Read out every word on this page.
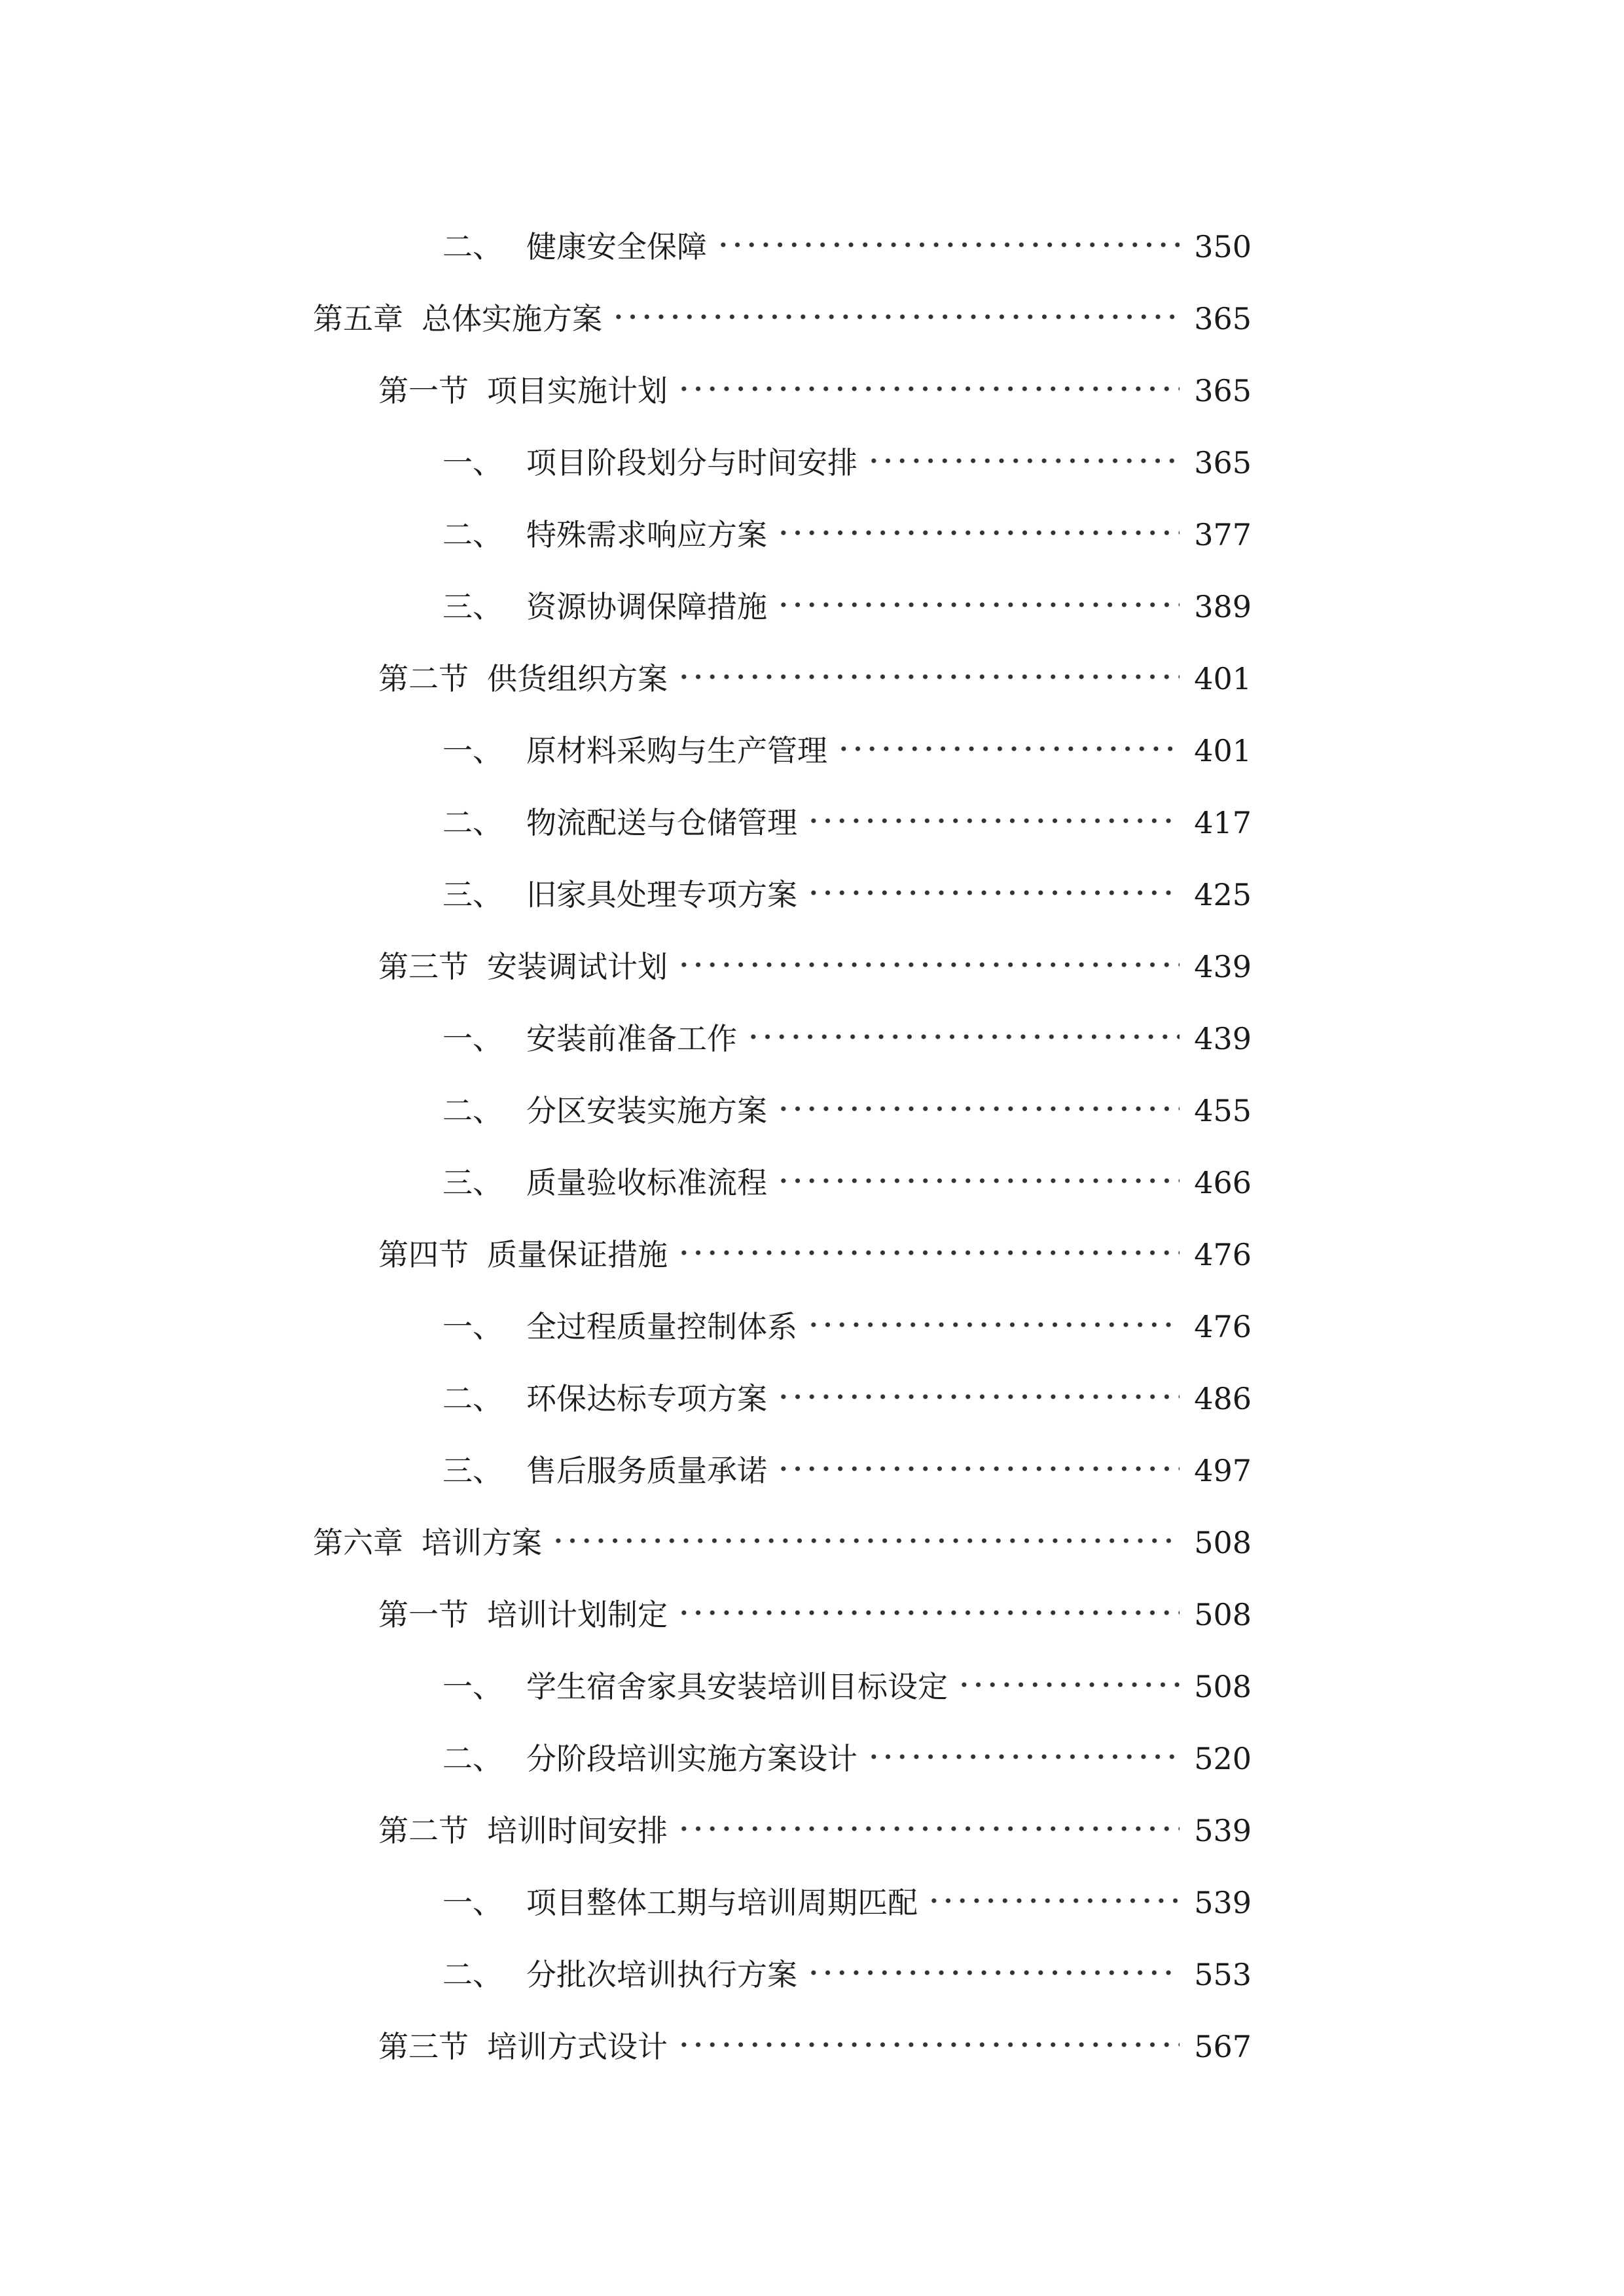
二、 健康安全保障	350
第五章 总体实施方案	365
第一节 项目实施计划	365
一、 项目阶段划分与时间安排	365
二、 特殊需求响应方案	377
三、 资源协调保障措施	389
第二节 供货组织方案	401
一、 原材料采购与生产管理	401
二、 物流配送与仓储管理	417
三、 旧家具处理专项方案	425
第三节 安装调试计划	439
一、 安装前准备工作	439
二、 分区安装实施方案	455
三、 质量验收标准流程	466
第四节 质量保证措施	476
一、 全过程质量控制体系	476
二、 环保达标专项方案	486
三、 售后服务质量承诺	497
第六章 培训方案	508
第一节 培训计划制定	508
一、 学生宿舍家具安装培训目标设定	508
二、 分阶段培训实施方案设计	520
第二节 培训时间安排	539
一、 项目整体工期与培训周期匹配	539
二、 分批次培训执行方案	553
第三节 培训方式设计	567
